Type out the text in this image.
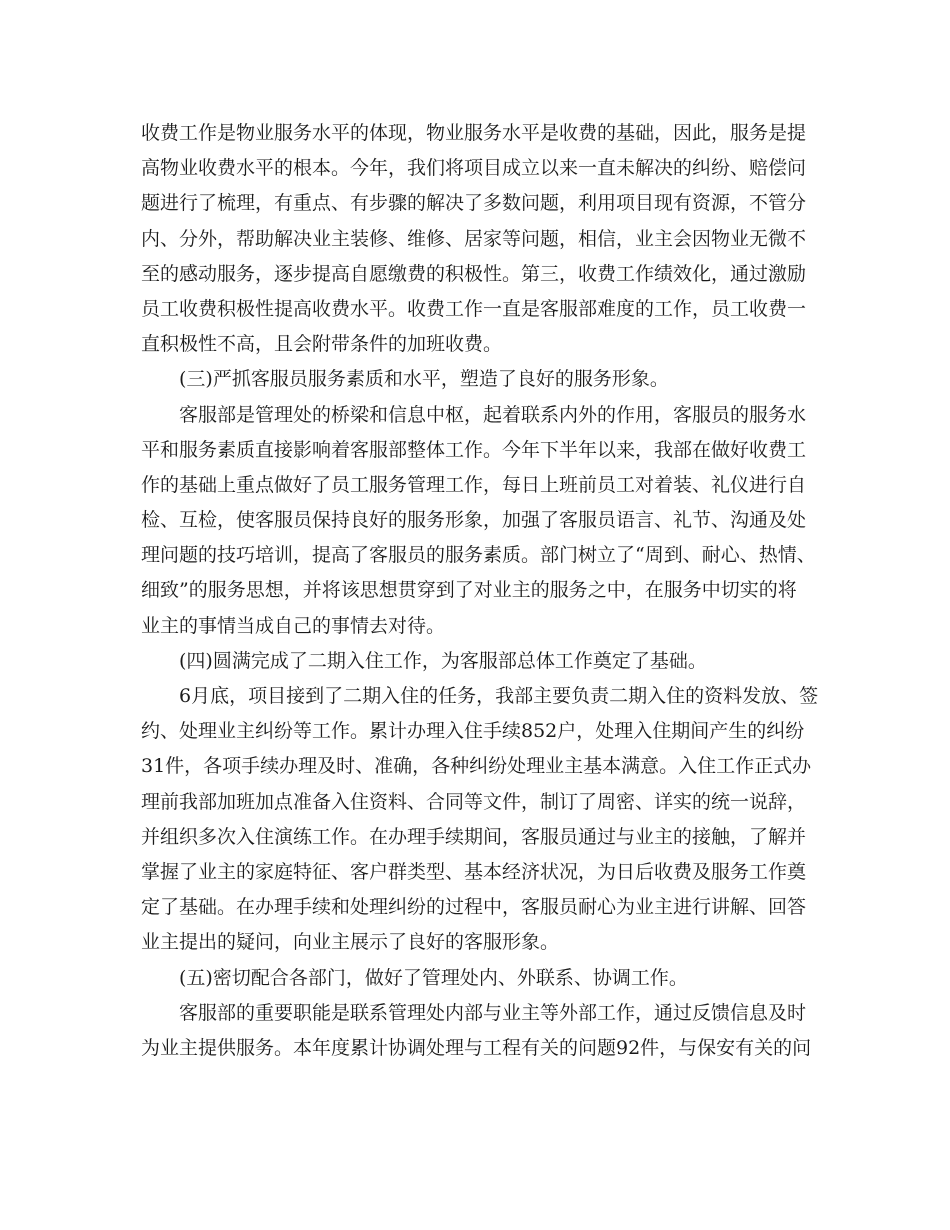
收费工作是物业服务水平的体现，物业服务水平是收费的基础，因此，服务是提
高物业收费水平的根本。今年，我们将项目成立以来一直未解决的纠纷、赔偿问
题进行了梳理，有重点、有步骤的解决了多数问题，利用项目现有资源，不管分
内、分外，帮助解决业主装修、维修、居家等问题，相信，业主会因物业无微不
至的感动服务，逐步提高自愿缴费的积极性。第三，收费工作绩效化，通过激励
员工收费积极性提高收费水平。收费工作一直是客服部难度的工作，员工收费一
直积极性不高，且会附带条件的加班收费。
(三)严抓客服员服务素质和水平，塑造了良好的服务形象。
客服部是管理处的桥梁和信息中枢，起着联系内外的作用，客服员的服务水
平和服务素质直接影响着客服部整体工作。今年下半年以来，我部在做好收费工
作的基础上重点做好了员工服务管理工作，每日上班前员工对着装、礼仪进行自
检、互检，使客服员保持良好的服务形象，加强了客服员语言、礼节、沟通及处
理问题的技巧培训，提高了客服员的服务素质。部门树立了“周到、耐心、热情、
细致”的服务思想，并将该思想贯穿到了对业主的服务之中，在服务中切实的将
业主的事情当成自己的事情去对待。
(四)圆满完成了二期入住工作，为客服部总体工作奠定了基础。
6月底，项目接到了二期入住的任务，我部主要负责二期入住的资料发放、签
约、处理业主纠纷等工作。累计办理入住手续852户，处理入住期间产生的纠纷
31件，各项手续办理及时、准确，各种纠纷处理业主基本满意。入住工作正式办
理前我部加班加点准备入住资料、合同等文件，制订了周密、详实的统一说辞，
并组织多次入住演练工作。在办理手续期间，客服员通过与业主的接触，了解并
掌握了业主的家庭特征、客户群类型、基本经济状况，为日后收费及服务工作奠
定了基础。在办理手续和处理纠纷的过程中，客服员耐心为业主进行讲解、回答
业主提出的疑问，向业主展示了良好的客服形象。
(五)密切配合各部门，做好了管理处内、外联系、协调工作。
客服部的重要职能是联系管理处内部与业主等外部工作，通过反馈信息及时
为业主提供服务。本年度累计协调处理与工程有关的问题92件，与保安有关的问
